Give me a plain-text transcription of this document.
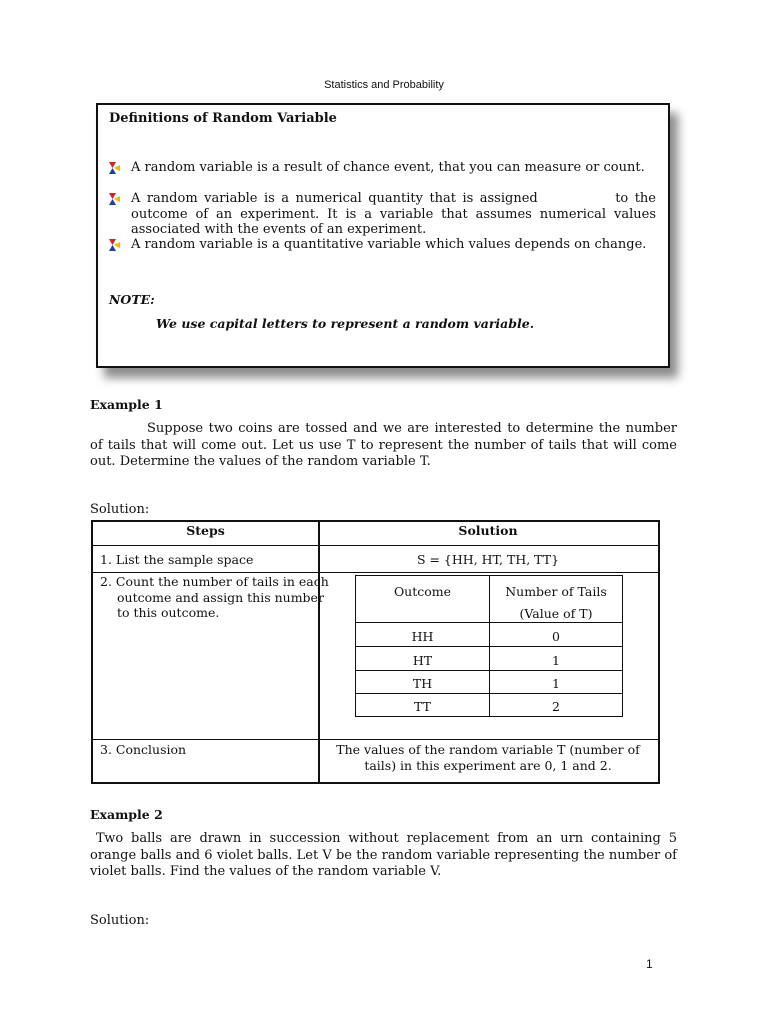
Statistics and Probability
Definitions of Random Variable
A random variable is a result of chance event, that you can measure or count.
A random variable is a numerical quantity that is assigned            to the outcome of an experiment. It is a variable that assumes numerical values associated with the events of an experiment.
A random variable is a quantitative variable which values depends on change.
NOTE:
We use capital letters to represent a random variable.
Example 1
Suppose two coins are tossed and we are interested to determine the number of tails that will come out. Let us use T to represent the number of tails that will come out. Determine the values of the random variable T.
Solution:
Steps	Solution
1. List the sample space	S = {HH, HT, TH, TT}
2. Count the number of tails in each outcome and assign this number to this outcome.
Outcome	Number of Tails
(Value of T)
HH	0
HT	1
TH	1
TT	2
3. Conclusion	The values of the random variable T (number of tails) in this experiment are 0, 1 and 2.
Example 2
Two balls are drawn in succession without replacement from an urn containing 5 orange balls and 6 violet balls. Let V be the random variable representing the number of violet balls. Find the values of the random variable V.
Solution:
1
